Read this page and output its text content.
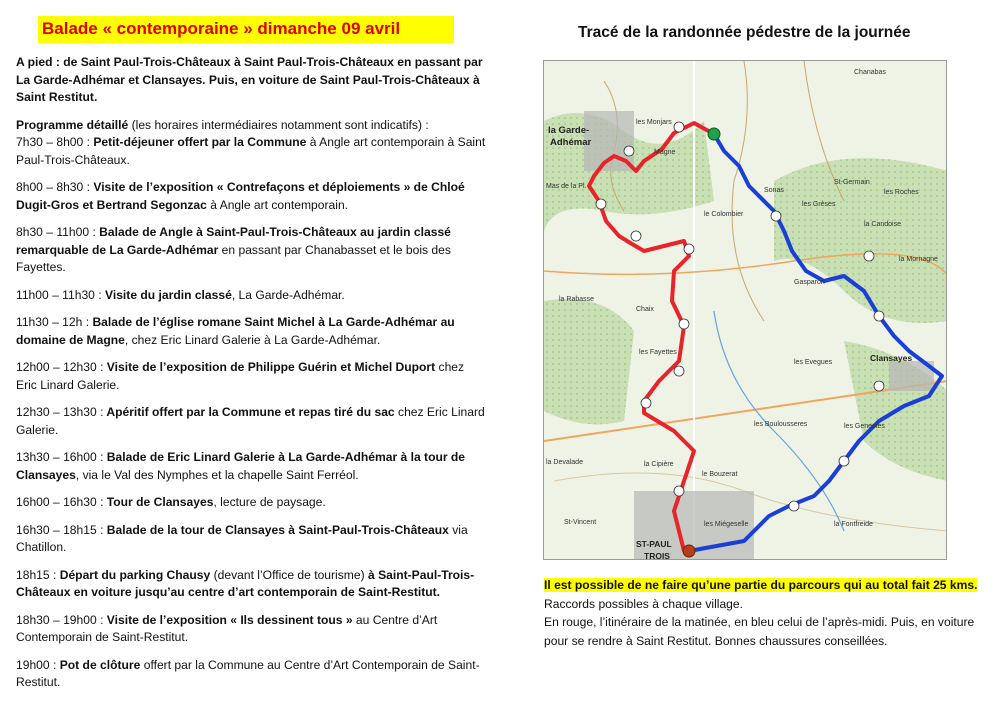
Balade « contemporaine » dimanche 09 avril
A pied : de Saint Paul-Trois-Châteaux à Saint Paul-Trois-Châteaux en passant par La Garde-Adhémar et Clansayes. Puis, en voiture de Saint Paul-Trois-Châteaux à Saint Restitut.
Programme détaillé (les horaires intermédiaires notamment sont indicatifs) :
7h30 – 8h00 : Petit-déjeuner offert par la Commune à Angle art contemporain à Saint Paul-Trois-Châteaux.
8h00 – 8h30 : Visite de l’exposition « Contrefaçons et déploiements » de Chloé Dugit-Gros et Bertrand Segonzac à Angle art contemporain.
8h30 – 11h00 : Balade de Angle à Saint-Paul-Trois-Châteaux au jardin classé remarquable de La Garde-Adhémar en passant par Chanabasset et le bois des Fayettes.
11h00 – 11h30 : Visite du jardin classé, La Garde-Adhémar.
11h30 – 12h : Balade de l’église romane Saint Michel à La Garde-Adhémar au domaine de Magne, chez Eric Linard Galerie à La Garde-Adhémar.
12h00 – 12h30 : Visite de l’exposition de Philippe Guérin et Michel Duport chez Eric Linard Galerie.
12h30 – 13h30 : Apéritif offert par la Commune et repas tiré du sac chez Eric Linard Galerie.
13h30 – 16h00 : Balade de Eric Linard Galerie à La Garde-Adhémar à la tour de Clansayes, via le Val des Nymphes et la chapelle Saint Ferréol.
16h00 – 16h30 : Tour de Clansayes, lecture de paysage.
16h30 – 18h15 : Balade de la tour de Clansayes à Saint-Paul-Trois-Châteaux via Chatillon.
18h15 : Départ du parking Chausy (devant l’Office de tourisme) à Saint-Paul-Trois-Châteaux en voiture jusqu’au centre d’art contemporain de Saint-Restitut.
18h30 – 19h00 : Visite de l’exposition « Ils dessinent tous » au Centre d’Art Contemporain de Saint-Restitut.
19h00 : Pot de clôture offert par la Commune au Centre d’Art Contemporain de Saint-Restitut.
Tracé de la randonnée pédestre de la journée
la Garde-
Adhémar
les Monjars
Mas de la Pl.
le Colombier
les Grèses
St-Germain
la Candoise
la Rabasse
Chaix
Gasparon
les Fayettes
Clansayes
les Boulousseres
ST-PAUL
TROIS
les Miégeselle
St-Vincent
la Devalade
la Fontfreide
Magne
Sonas
le Bouzerat
les Genestes
la Cipière
les Evegues
la Mornagne
les Roches
Chanabas
Il est possible de ne faire qu’une partie du parcours qui au total fait 25 kms.
Raccords possibles à chaque village.
En rouge, l’itinéraire de la matinée, en bleu celui de l’après-midi. Puis, en voiture pour se rendre à Saint Restitut. Bonnes chaussures conseillées.
